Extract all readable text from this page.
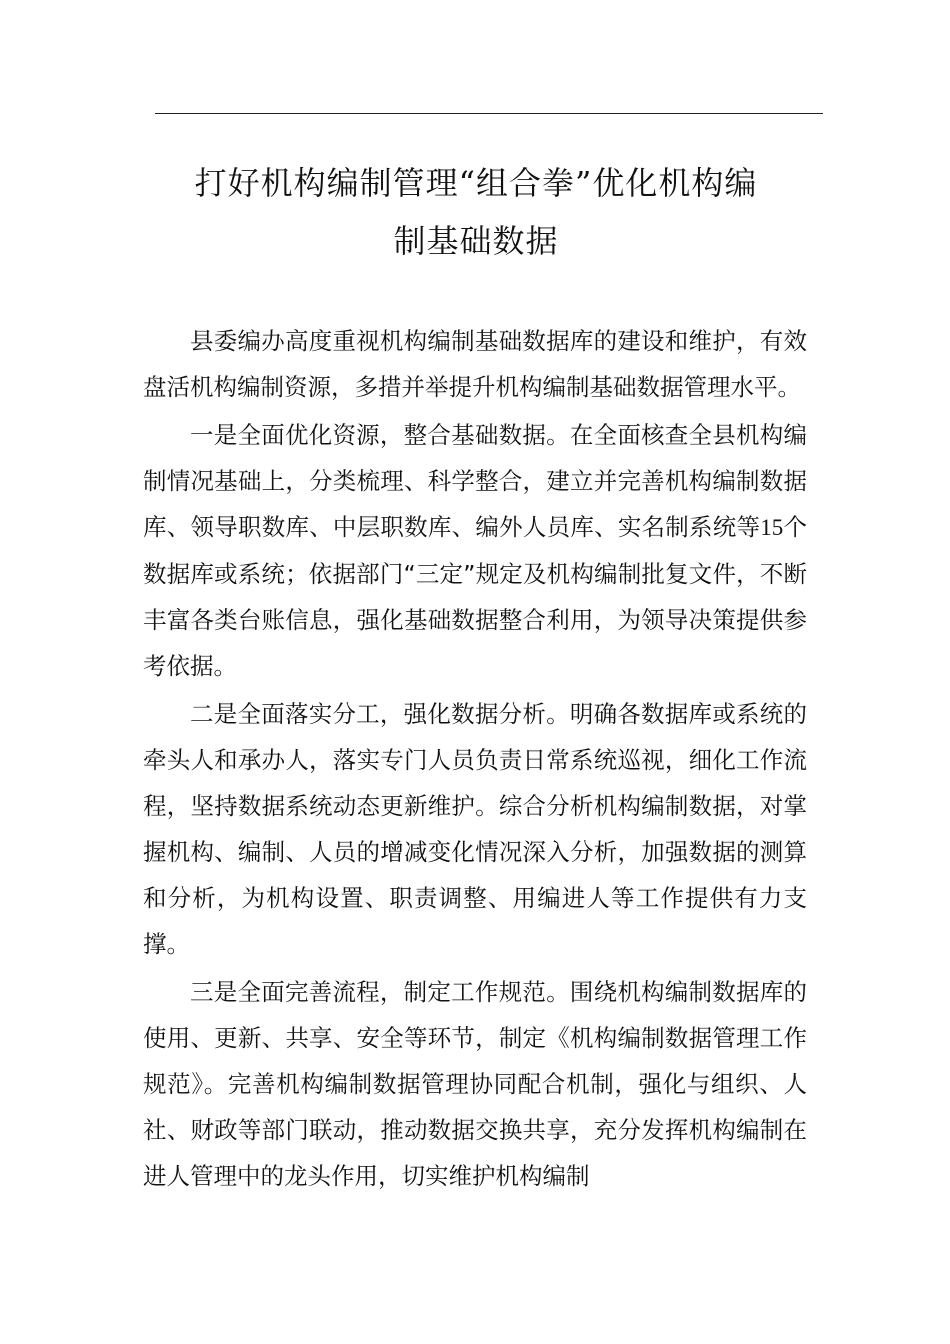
打好机构编制管理“组合拳”优化机构编
制基础数据

县委编办高度重视机构编制基础数据库的建设和维护，有效盘活机构编制资源，多措并举提升机构编制基础数据管理水平。

一是全面优化资源，整合基础数据。在全面核查全县机构编制情况基础上，分类梳理、科学整合，建立并完善机构编制数据库、领导职数库、中层职数库、编外人员库、实名制系统等15个数据库或系统；依据部门“三定”规定及机构编制批复文件，不断丰富各类台账信息，强化基础数据整合利用，为领导决策提供参考依据。

二是全面落实分工，强化数据分析。明确各数据库或系统的牵头人和承办人，落实专门人员负责日常系统巡视，细化工作流程，坚持数据系统动态更新维护。综合分析机构编制数据，对掌握机构、编制、人员的增减变化情况深入分析，加强数据的测算和分析，为机构设置、职责调整、用编进人等工作提供有力支撑。

三是全面完善流程，制定工作规范。围绕机构编制数据库的使用、更新、共享、安全等环节，制定《机构编制数据管理工作规范》。完善机构编制数据管理协同配合机制，强化与组织、人社、财政等部门联动，推动数据交换共享，充分发挥机构编制在进人管理中的龙头作用，切实维护机构编制
